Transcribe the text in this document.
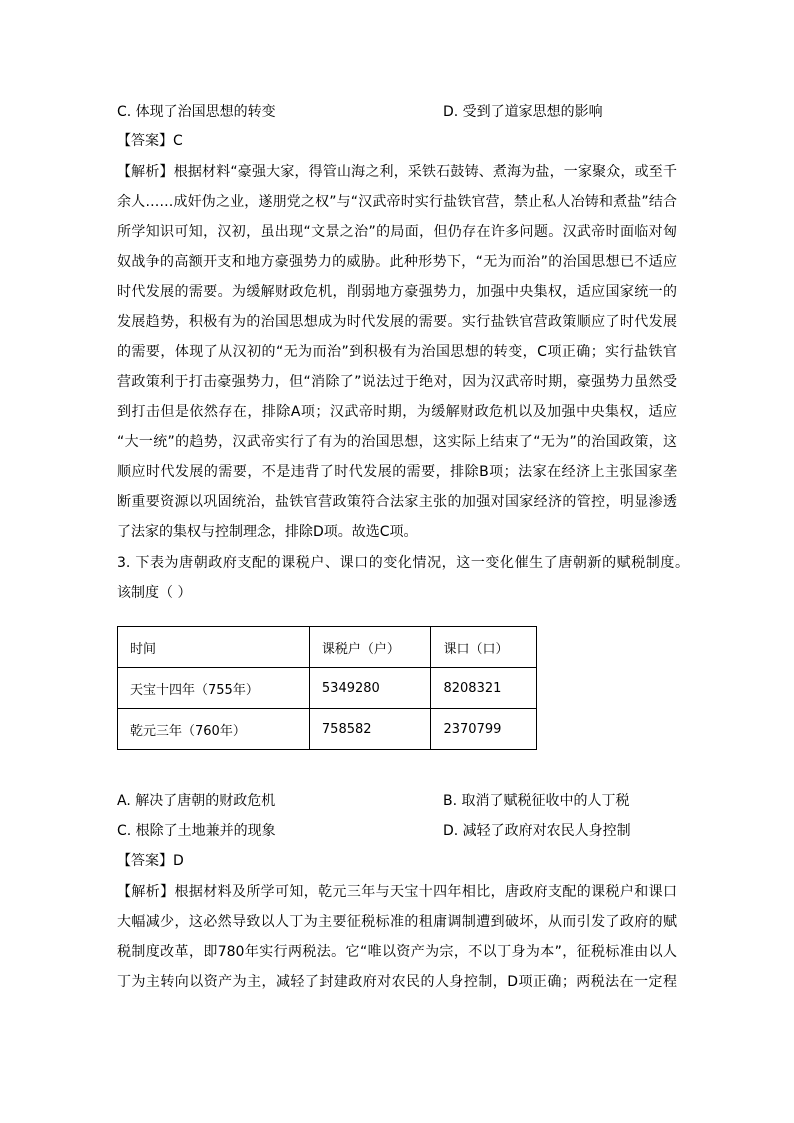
C. 体现了治国思想的转变	D. 受到了道家思想的影响
【答案】C
【解析】根据材料“豪强大家，得管山海之利，采铁石鼓铸、煮海为盐，一家聚众，或至千
余人……成奸伪之业，遂朋党之权”与“汉武帝时实行盐铁官营，禁止私人冶铸和煮盐”结合
所学知识可知，汉初，虽出现“文景之治”的局面，但仍存在许多问题。汉武帝时面临对匈
奴战争的高额开支和地方豪强势力的威胁。此种形势下，“无为而治”的治国思想已不适应
时代发展的需要。为缓解财政危机，削弱地方豪强势力，加强中央集权，适应国家统一的
发展趋势，积极有为的治国思想成为时代发展的需要。实行盐铁官营政策顺应了时代发展
的需要，体现了从汉初的“无为而治”到积极有为治国思想的转变，C项正确；实行盐铁官
营政策利于打击豪强势力，但“消除了”说法过于绝对，因为汉武帝时期，豪强势力虽然受
到打击但是依然存在，排除A项；汉武帝时期，为缓解财政危机以及加强中央集权，适应
“大一统”的趋势，汉武帝实行了有为的治国思想，这实际上结束了“无为”的治国政策，这
顺应时代发展的需要，不是违背了时代发展的需要，排除B项；法家在经济上主张国家垄
断重要资源以巩固统治，盐铁官营政策符合法家主张的加强对国家经济的管控，明显渗透
了法家的集权与控制理念，排除D项。故选C项。
3. 下表为唐朝政府支配的课税户、课口的变化情况，这一变化催生了唐朝新的赋税制度。
该制度（ ）
时间	课税户（户）	课口（口）
天宝十四年（755年）	5349280	8208321
乾元三年（760年）	758582	2370799
A. 解决了唐朝的财政危机	B. 取消了赋税征收中的人丁税
C. 根除了土地兼并的现象	D. 减轻了政府对农民人身控制
【答案】D
【解析】根据材料及所学可知，乾元三年与天宝十四年相比，唐政府支配的课税户和课口
大幅减少，这必然导致以人丁为主要征税标准的租庸调制遭到破坏，从而引发了政府的赋
税制度改革，即780年实行两税法。它“唯以资产为宗，不以丁身为本”，征税标准由以人
丁为主转向以资产为主，减轻了封建政府对农民的人身控制，D项正确；两税法在一定程
